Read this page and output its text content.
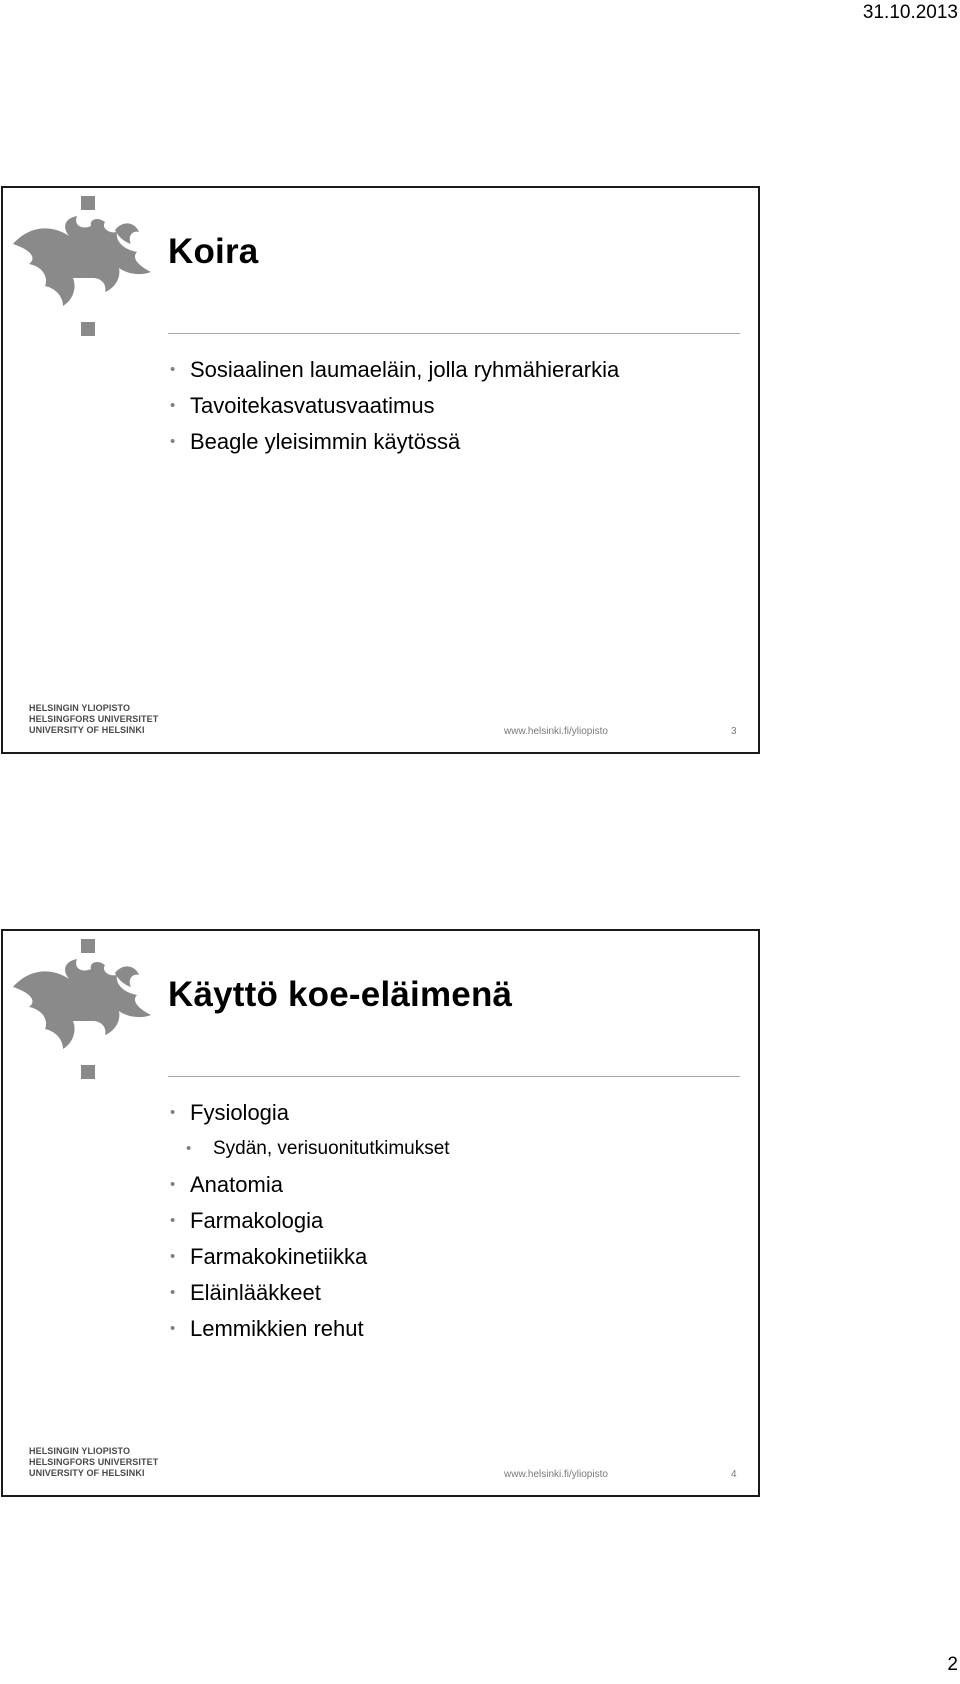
31.10.2013
Koira
• Sosiaalinen laumaeläin, jolla ryhmähierarkia
• Tavoitekasvatusvaatimus
• Beagle yleisimmin käytössä
HELSINGIN YLIOPISTO
HELSINGFORS UNIVERSITET
UNIVERSITY OF HELSINKI	www.helsinki.fi/yliopisto	3
Käyttö koe-eläimenä
• Fysiologia
• Sydän, verisuonitutkimukset
• Anatomia
• Farmakologia
• Farmakokinetiikka
• Eläinlääkkeet
• Lemmikkien rehut
HELSINGIN YLIOPISTO
HELSINGFORS UNIVERSITET
UNIVERSITY OF HELSINKI	www.helsinki.fi/yliopisto	4
2
